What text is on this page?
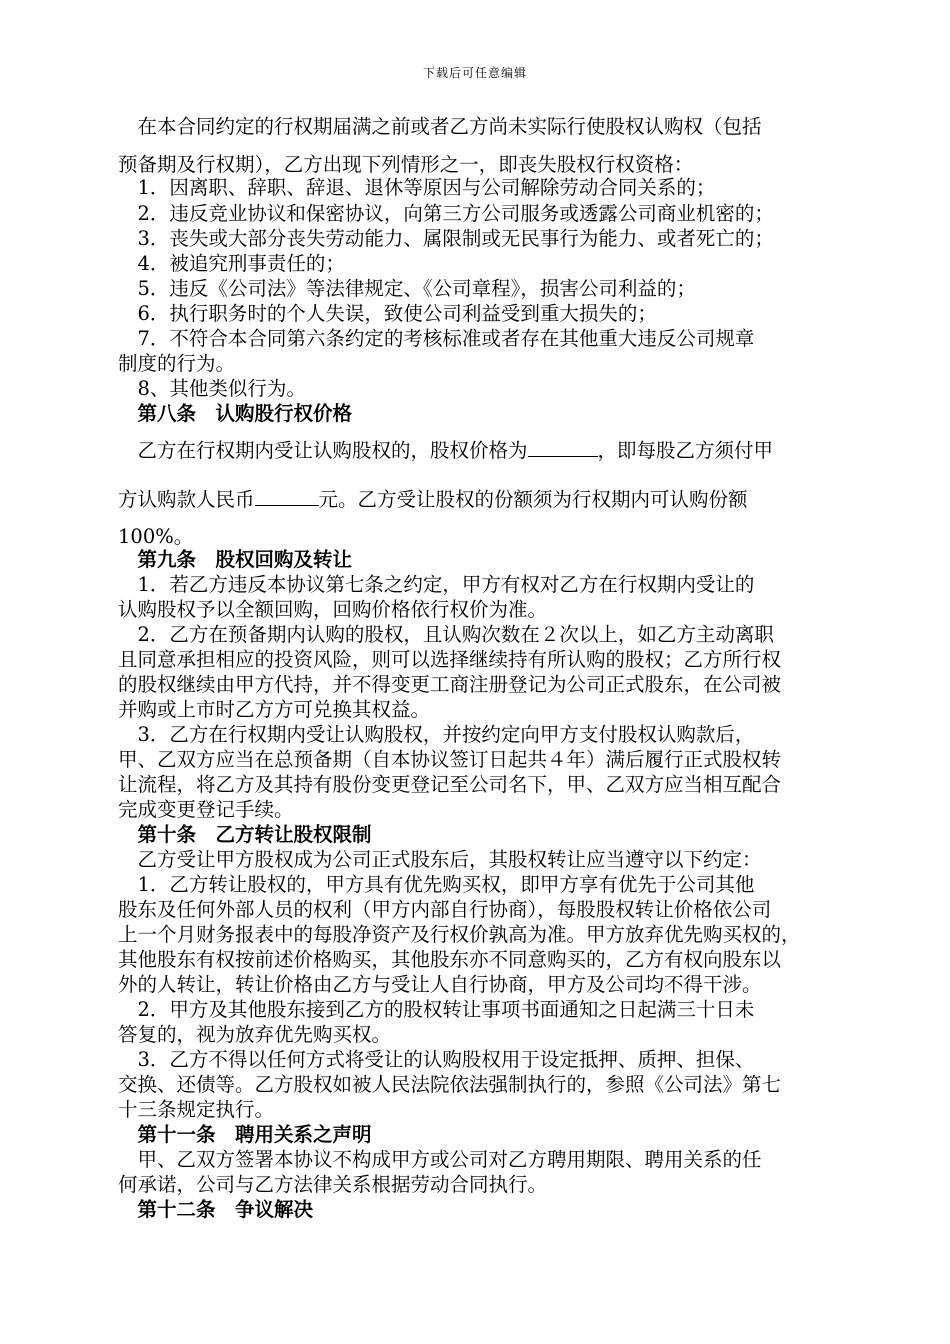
下载后可任意编辑
　在本合同约定的行权期届满之前或者乙方尚未实际行使股权认购权（包括
预备期及行权期），乙方出现下列情形之一，即丧失股权行权资格：
　1．因离职、辞职、辞退、退休等原因与公司解除劳动合同关系的；
　2．违反竞业协议和保密协议，向第三方公司服务或透露公司商业机密的；
　3．丧失或大部分丧失劳动能力、属限制或无民事行为能力、或者死亡的；
　4．被追究刑事责任的；
　5．违反《公司法》等法律规定、《公司章程》，损害公司利益的；
　6．执行职务时的个人失误，致使公司利益受到重大损失的；
　7．不符合本合同第六条约定的考核标准或者存在其他重大违反公司规章
制度的行为。
　8、其他类似行为。
　第八条　认购股行权价格
　乙方在行权期内受让认购股权的，股权价格为	，即每股乙方须付甲
方认购款人民币	元。乙方受让股权的份额须为行权期内可认购份额
100%。
　第九条　股权回购及转让
　1．若乙方违反本协议第七条之约定，甲方有权对乙方在行权期内受让的
认购股权予以全额回购，回购价格依行权价为准。
　2．乙方在预备期内认购的股权，且认购次数在２次以上，如乙方主动离职
且同意承担相应的投资风险，则可以选择继续持有所认购的股权；乙方所行权
的股权继续由甲方代持，并不得变更工商注册登记为公司正式股东，在公司被
并购或上市时乙方方可兑换其权益。
　3．乙方在行权期内受让认购股权，并按约定向甲方支付股权认购款后，
甲、乙双方应当在总预备期（自本协议签订日起共４年）满后履行正式股权转
让流程，将乙方及其持有股份变更登记至公司名下，甲、乙双方应当相互配合
完成变更登记手续。
　第十条　乙方转让股权限制
　乙方受让甲方股权成为公司正式股东后，其股权转让应当遵守以下约定：
　1．乙方转让股权的，甲方具有优先购买权，即甲方享有优先于公司其他
股东及任何外部人员的权利（甲方内部自行协商），每股股权转让价格依公司
上一个月财务报表中的每股净资产及行权价孰高为准。甲方放弃优先购买权的，
其他股东有权按前述价格购买，其他股东亦不同意购买的，乙方有权向股东以
外的人转让，转让价格由乙方与受让人自行协商，甲方及公司均不得干涉。
　2．甲方及其他股东接到乙方的股权转让事项书面通知之日起满三十日未
答复的，视为放弃优先购买权。
　3．乙方不得以任何方式将受让的认购股权用于设定抵押、质押、担保、
交换、还债等。乙方股权如被人民法院依法强制执行的，参照《公司法》第七
十三条规定执行。
　第十一条　聘用关系之声明
　甲、乙双方签署本协议不构成甲方或公司对乙方聘用期限、聘用关系的任
何承诺，公司与乙方法律关系根据劳动合同执行。
　第十二条　争议解决
